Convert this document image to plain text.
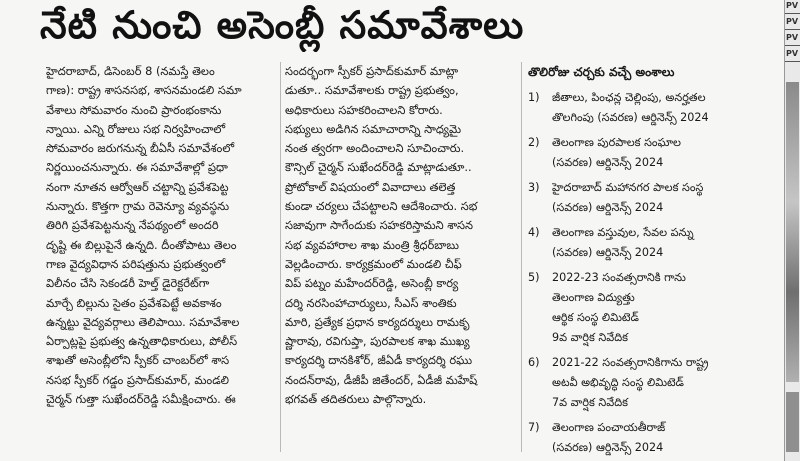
నేటి నుంచి అసెంబ్లీ సమావేశాలు
హైదరాబాద్, డిసెంబర్ 8 (నమస్తే తెలం
గాణ): రాష్ట్ర శాసనసభ, శాసనమండలి సమా
వేశాలు సోమవారం నుంచి ప్రారంభంకాను
న్నాయి. ఎన్ని రోజులు సభ నిర్వహించాలో
సోమవారం జరుగనున్న బీఏసీ సమావేశంలో
నిర్ణయించనున్నారు. ఈ సమావేశాల్లో ప్రధా
నంగా నూతన ఆర్వోఆర్ చట్టాన్ని ప్రవేశపెట్ట
నున్నారు. కొత్తగా గ్రామ రెవెన్యూ వ్యవస్థను
తిరిగి ప్రవేశపెట్టనున్న నేపథ్యంలో అందరి
దృష్టి ఈ బిల్లుపైనే ఉన్నది. దీంతోపాటు తెలం
గాణ వైద్యవిధాన పరిషత్తును ప్రభుత్వంలో
విలీనం చేసి సెకండరీ హెల్త్ డైరెక్టరేట్‌గా
మార్చే బిల్లును సైతం ప్రవేశపెట్టే అవకాశం
ఉన్నట్టు వైద్యవర్గాలు తెలిపాయి. సమావేశాల
ఏర్పాట్లపై ప్రభుత్వ ఉన్నతాధికారులు, పోలీస్
శాఖతో అసెంబ్లీలోని స్పీకర్ చాంబర్‌లో శాస
నసభ స్పీకర్ గడ్డం ప్రసాద్‌కుమార్, మండలి
చైర్మన్ గుత్తా సుఖేందర్‌రెడ్డి సమీక్షించారు. ఈ
సందర్భంగా స్పీకర్ ప్రసాద్‌కుమార్ మాట్లా
డుతూ.. సమావేశాలకు రాష్ట్ర ప్రభుత్వం,
అధికారులు సహకరించాలని కోరారు.
సభ్యులు అడిగిన సమాచారాన్ని సాధ్యమై
నంత త్వరగా అందించాలని సూచించారు.
కౌన్సిల్ చైర్మన్ సుఖేందర్‌రెడ్డి మాట్లాడుతూ..
ప్రోటోకాల్ విషయంలో వివాదాలు తలెత్త
కుండా చర్యలు చేపట్టాలని ఆదేశించారు. సభ
సజావుగా సాగేందుకు సహకరిస్తామని శాసన
సభ వ్యవహారాల శాఖ మంత్రి శ్రీధర్‌బాబు
వెల్లడించారు. కార్యక్రమంలో మండలి చీఫ్
విప్ పట్నం మహేందర్‌రెడ్డి, అసెంబ్లీ కార్య
దర్శి నరసింహాచార్యులు, సీఎస్ శాంతికు
మారి, ప్రత్యేక ప్రధాన కార్యదర్శులు రామకృ
ష్ణారావు, రవిగుప్తా, పురపాలక శాఖ ముఖ్య
కార్యదర్శి దానకిశోర్, జీఏడీ కార్యదర్శి రఘు
నందన్‌రావు, డీజీపీ జితేందర్, ఏడీజీ మహేష్
భగవత్ తదితరులు పాల్గొన్నారు.
తొలిరోజు చర్చకు వచ్చే అంశాలు
1)	జీతాలు, పింఛన్ల చెల్లింపు, అనర్హతల
తొలగింపు (సవరణ) ఆర్డినెన్స్ 2024
2)	తెలంగాణ పురపాలక సంఘాల
(సవరణ) ఆర్డినెన్స్ 2024
3)	హైదరాబాద్ మహానగర పాలక సంస్థ
(సవరణ) ఆర్డినెన్స్ 2024
4)	తెలంగాణ వస్తువుల, సేవల పన్ను
(సవరణ) ఆర్డినెన్స్ 2024
5)	2022-23 సంవత్సరానికి గాను
తెలంగాణ విద్యుత్తు
ఆర్థిక సంస్థ లిమిటెడ్
9వ వార్షిక నివేదిక
6)	2021-22 సంవత్సరానికిగాను రాష్ట్ర
అటవీ అభివృద్ధి సంస్థ లిమిటెడ్
7వ వార్షిక నివేదిక
7)	తెలంగాణ పంచాయతీరాజ్
(సవరణ) ఆర్డినెన్స్ 2024
PV
PV
PV
PV
